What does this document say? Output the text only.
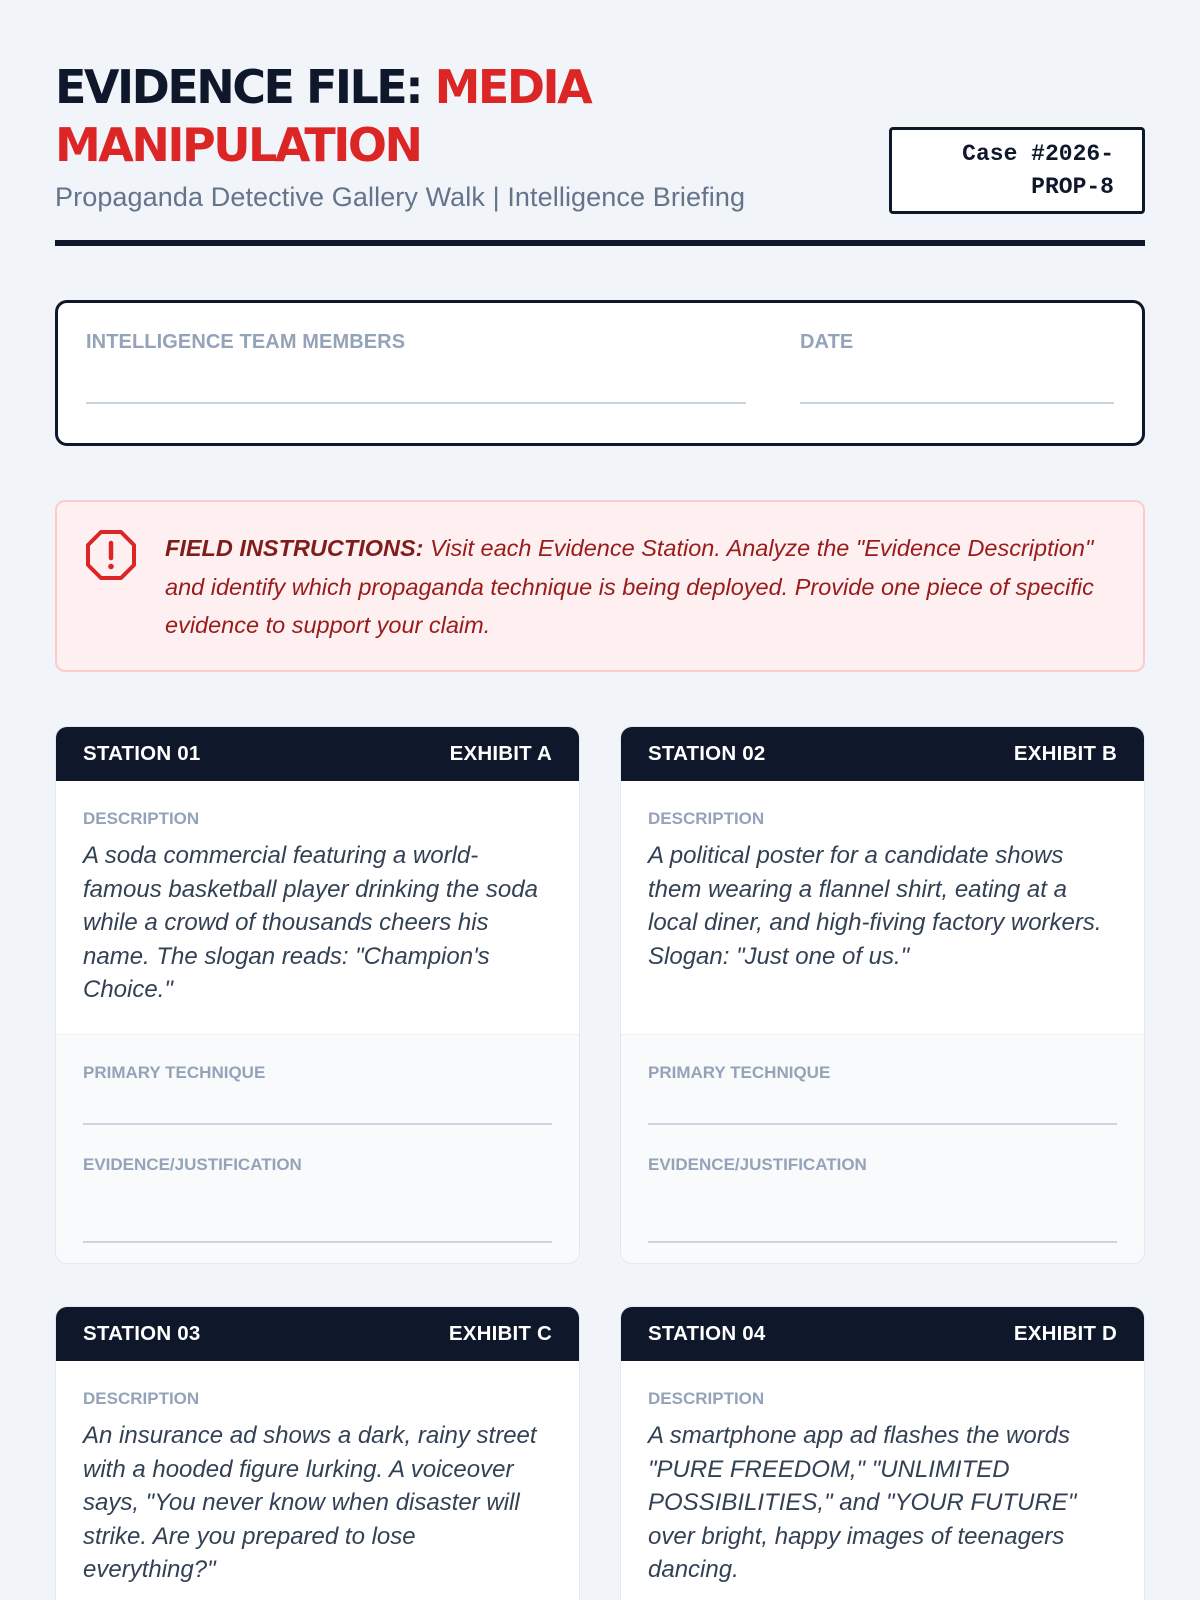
EVIDENCE FILE: MEDIA
MANIPULATION
Propaganda Detective Gallery Walk | Intelligence Briefing
Case #2026-
PROP-8
INTELLIGENCE TEAM MEMBERS	DATE

FIELD INSTRUCTIONS: Visit each Evidence Station. Analyze the "Evidence Description" and identify which propaganda technique is being deployed. Provide one piece of specific evidence to support your claim.

STATION 01	EXHIBIT A
DESCRIPTION
A soda commercial featuring a world-famous basketball player drinking the soda while a crowd of thousands cheers his name. The slogan reads: "Champion's Choice."
PRIMARY TECHNIQUE
EVIDENCE/JUSTIFICATION
STATION 02	EXHIBIT B
DESCRIPTION
A political poster for a candidate shows them wearing a flannel shirt, eating at a local diner, and high-fiving factory workers. Slogan: "Just one of us."
PRIMARY TECHNIQUE
EVIDENCE/JUSTIFICATION
STATION 03	EXHIBIT C
DESCRIPTION
An insurance ad shows a dark, rainy street with a hooded figure lurking. A voiceover says, "You never know when disaster will strike. Are you prepared to lose everything?"
STATION 04	EXHIBIT D
DESCRIPTION
A smartphone app ad flashes the words "PURE FREEDOM," "UNLIMITED POSSIBILITIES," and "YOUR FUTURE" over bright, happy images of teenagers dancing.
